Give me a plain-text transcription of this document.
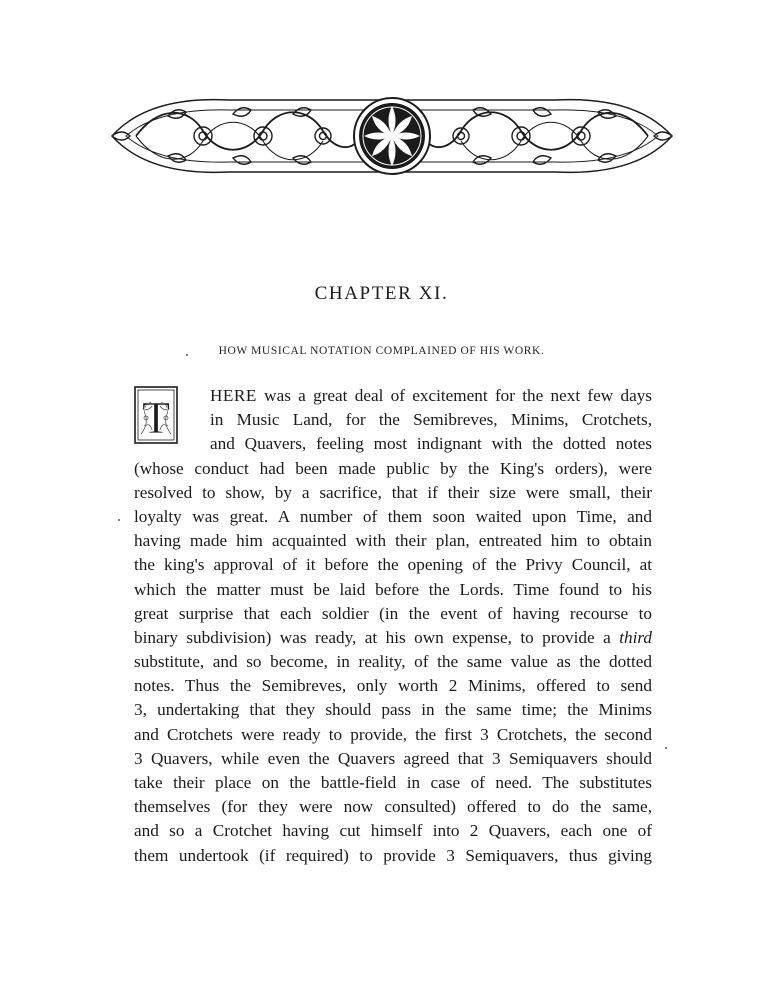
CHAPTER XI.
HOW MUSICAL NOTATION COMPLAINED OF HIS WORK.
T	HERE was a great deal of excitement for the next few days
in Music Land, for the Semibreves, Minims, Crotchets,
and Quavers, feeling most indignant with the dotted notes
(whose conduct had been made public by the King's orders), were
resolved to show, by a sacrifice, that if their size were small, their
loyalty was great. A number of them soon waited upon Time, and
having made him acquainted with their plan, entreated him to obtain
the king's approval of it before the opening of the Privy Council, at
which the matter must be laid before the Lords. Time found to his
great surprise that each soldier (in the event of having recourse to
binary subdivision) was ready, at his own expense, to provide a third
substitute, and so become, in reality, of the same value as the dotted
notes. Thus the Semibreves, only worth 2 Minims, offered to send
3, undertaking that they should pass in the same time; the Minims
and Crotchets were ready to provide, the first 3 Crotchets, the second
3 Quavers, while even the Quavers agreed that 3 Semiquavers should
take their place on the battle-field in case of need. The substitutes
themselves (for they were now consulted) offered to do the same,
and so a Crotchet having cut himself into 2 Quavers, each one of
them undertook (if required) to provide 3 Semiquavers, thus giving
